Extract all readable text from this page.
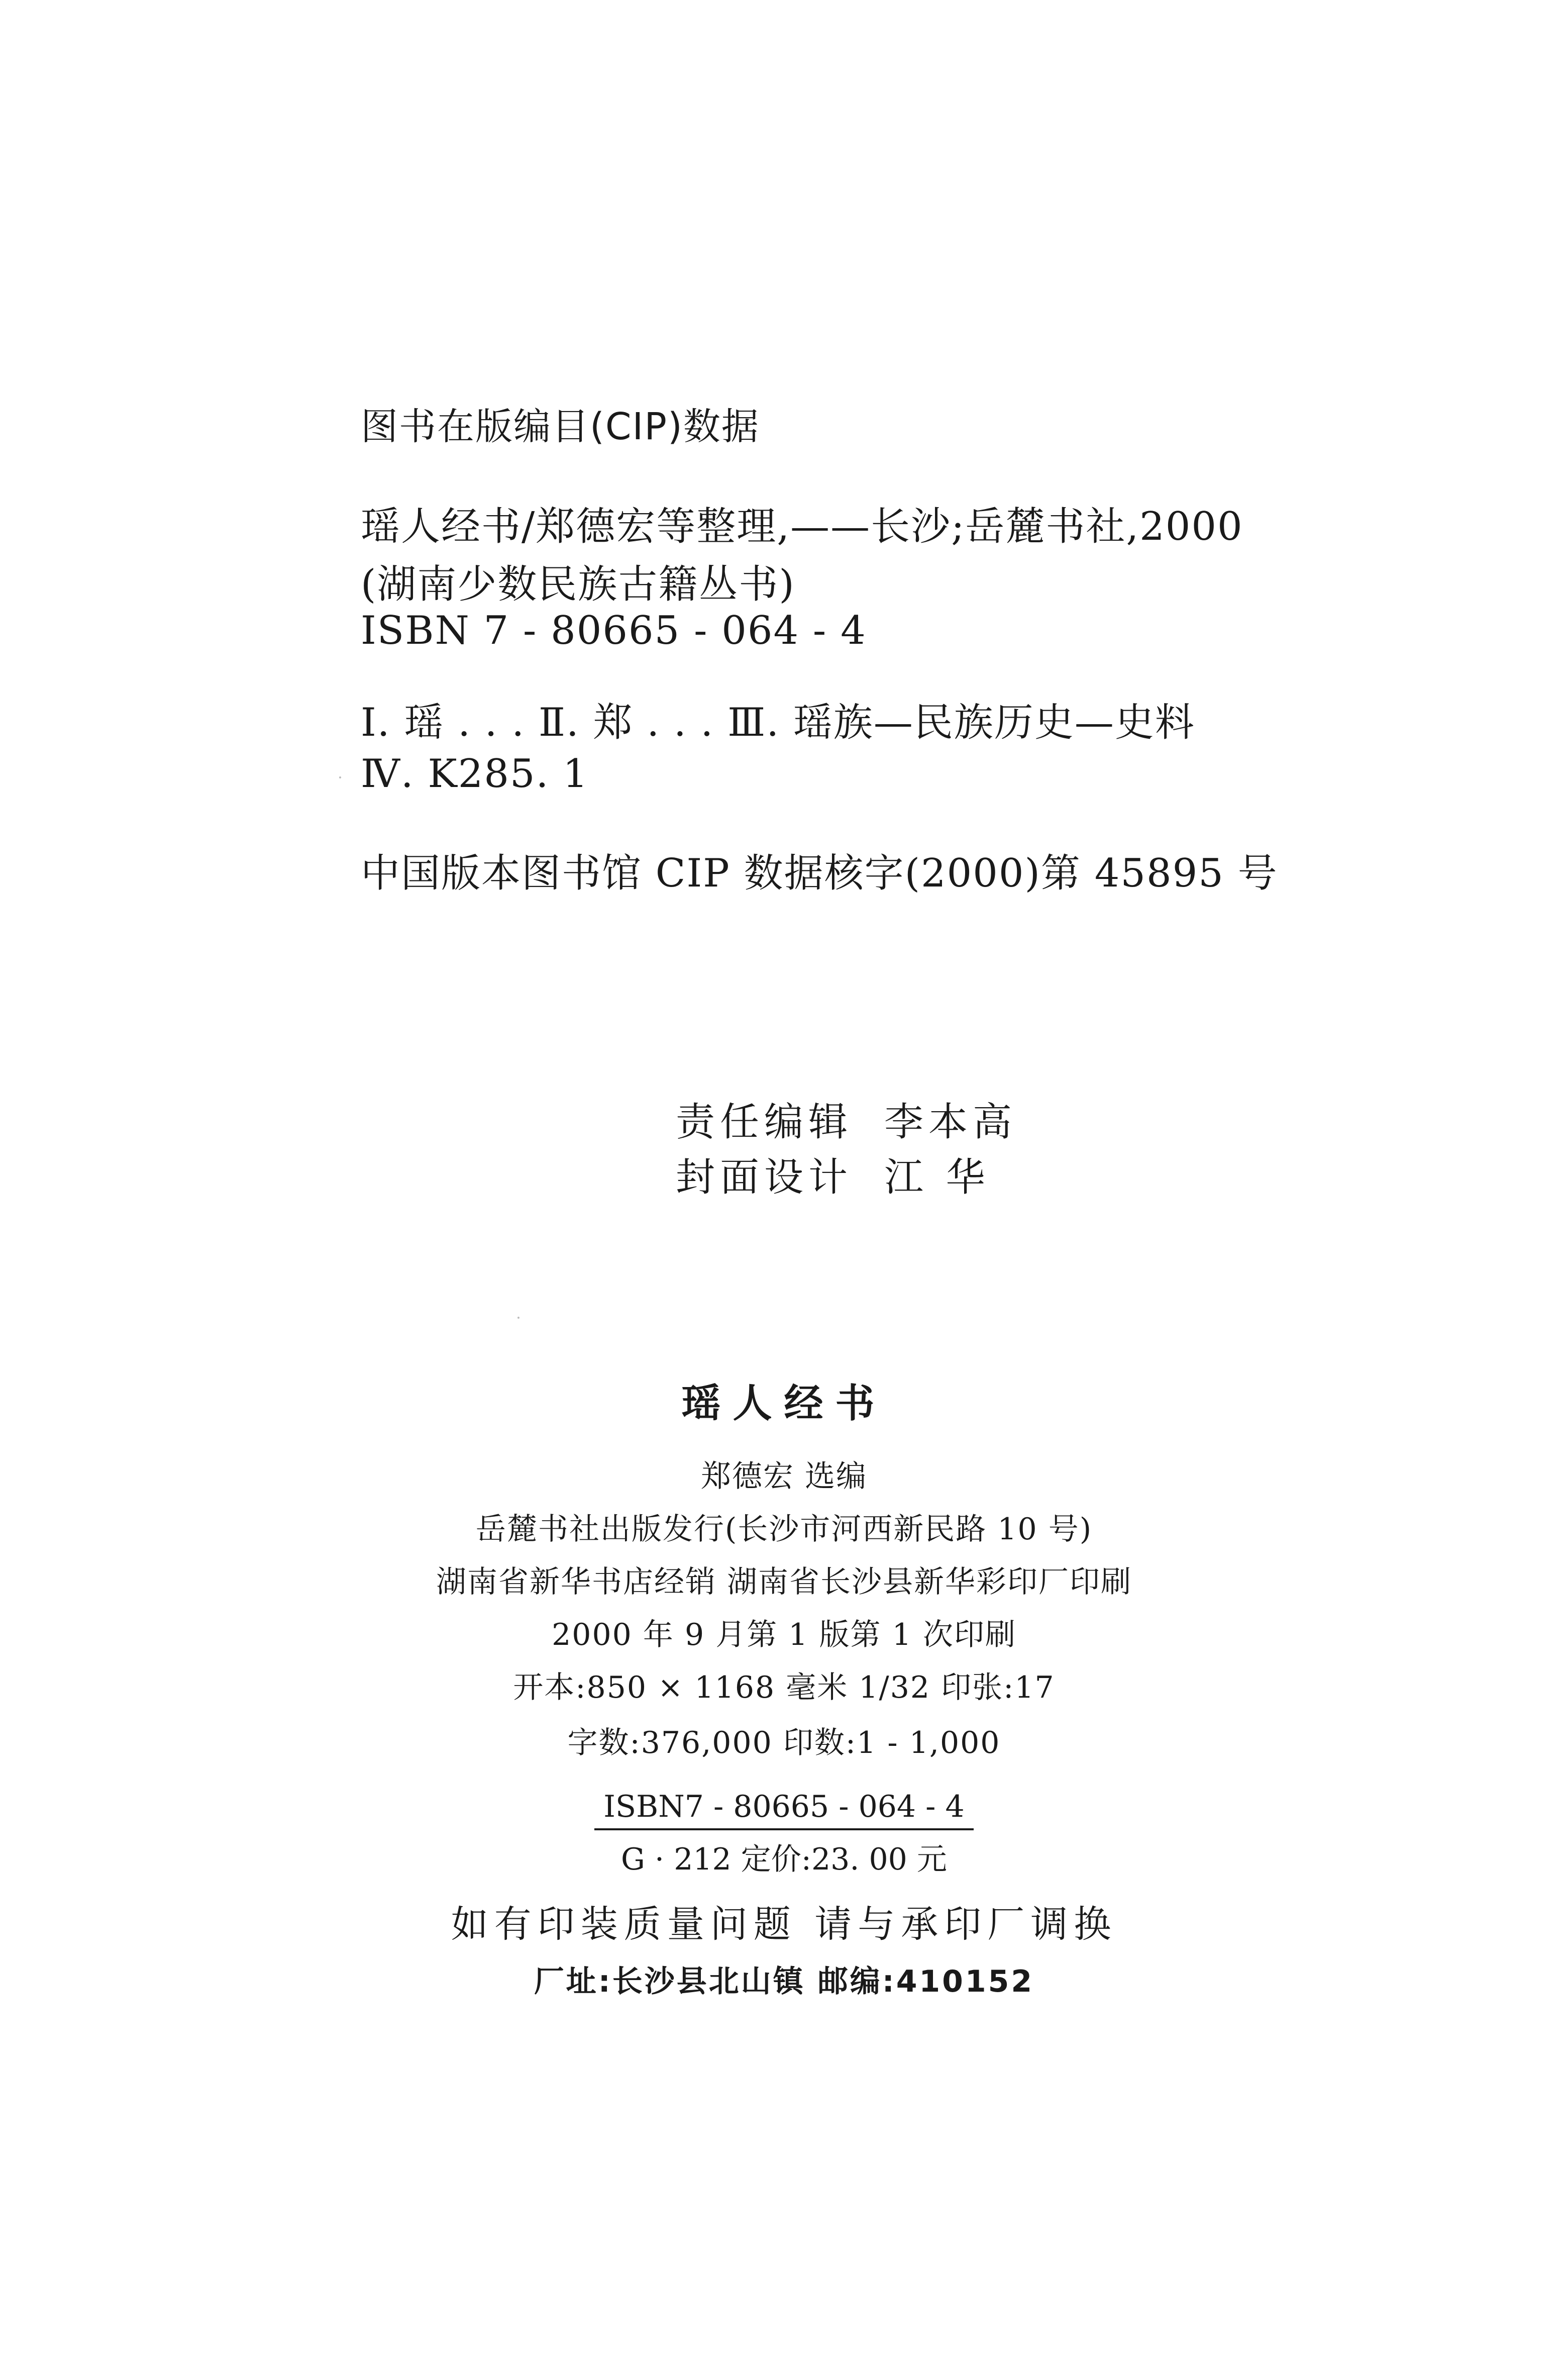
图书在版编目(CIP)数据
瑶人经书/郑德宏等整理,——长沙;岳麓书社,2000
(湖南少数民族古籍丛书)
ISBN 7 - 80665 - 064 - 4
Ⅰ. 瑶 . . . Ⅱ. 郑 . . . Ⅲ. 瑶族—民族历史—史料
Ⅳ. K285. 1
中国版本图书馆 CIP 数据核字(2000)第 45895 号
责任编辑 李本高
封面设计 江 华
瑶人经书
郑德宏 选编
岳麓书社出版发行(长沙市河西新民路 10 号)
湖南省新华书店经销 湖南省长沙县新华彩印厂印刷
2000 年 9 月第 1 版第 1 次印刷
开本:850 × 1168 毫米 1/32 印张:17
字数:376,000 印数:1 - 1,000
ISBN7 - 80665 - 064 - 4
G · 212 定价:23. 00 元
如有印装质量问题 请与承印厂调换
厂址:长沙县北山镇 邮编:410152
